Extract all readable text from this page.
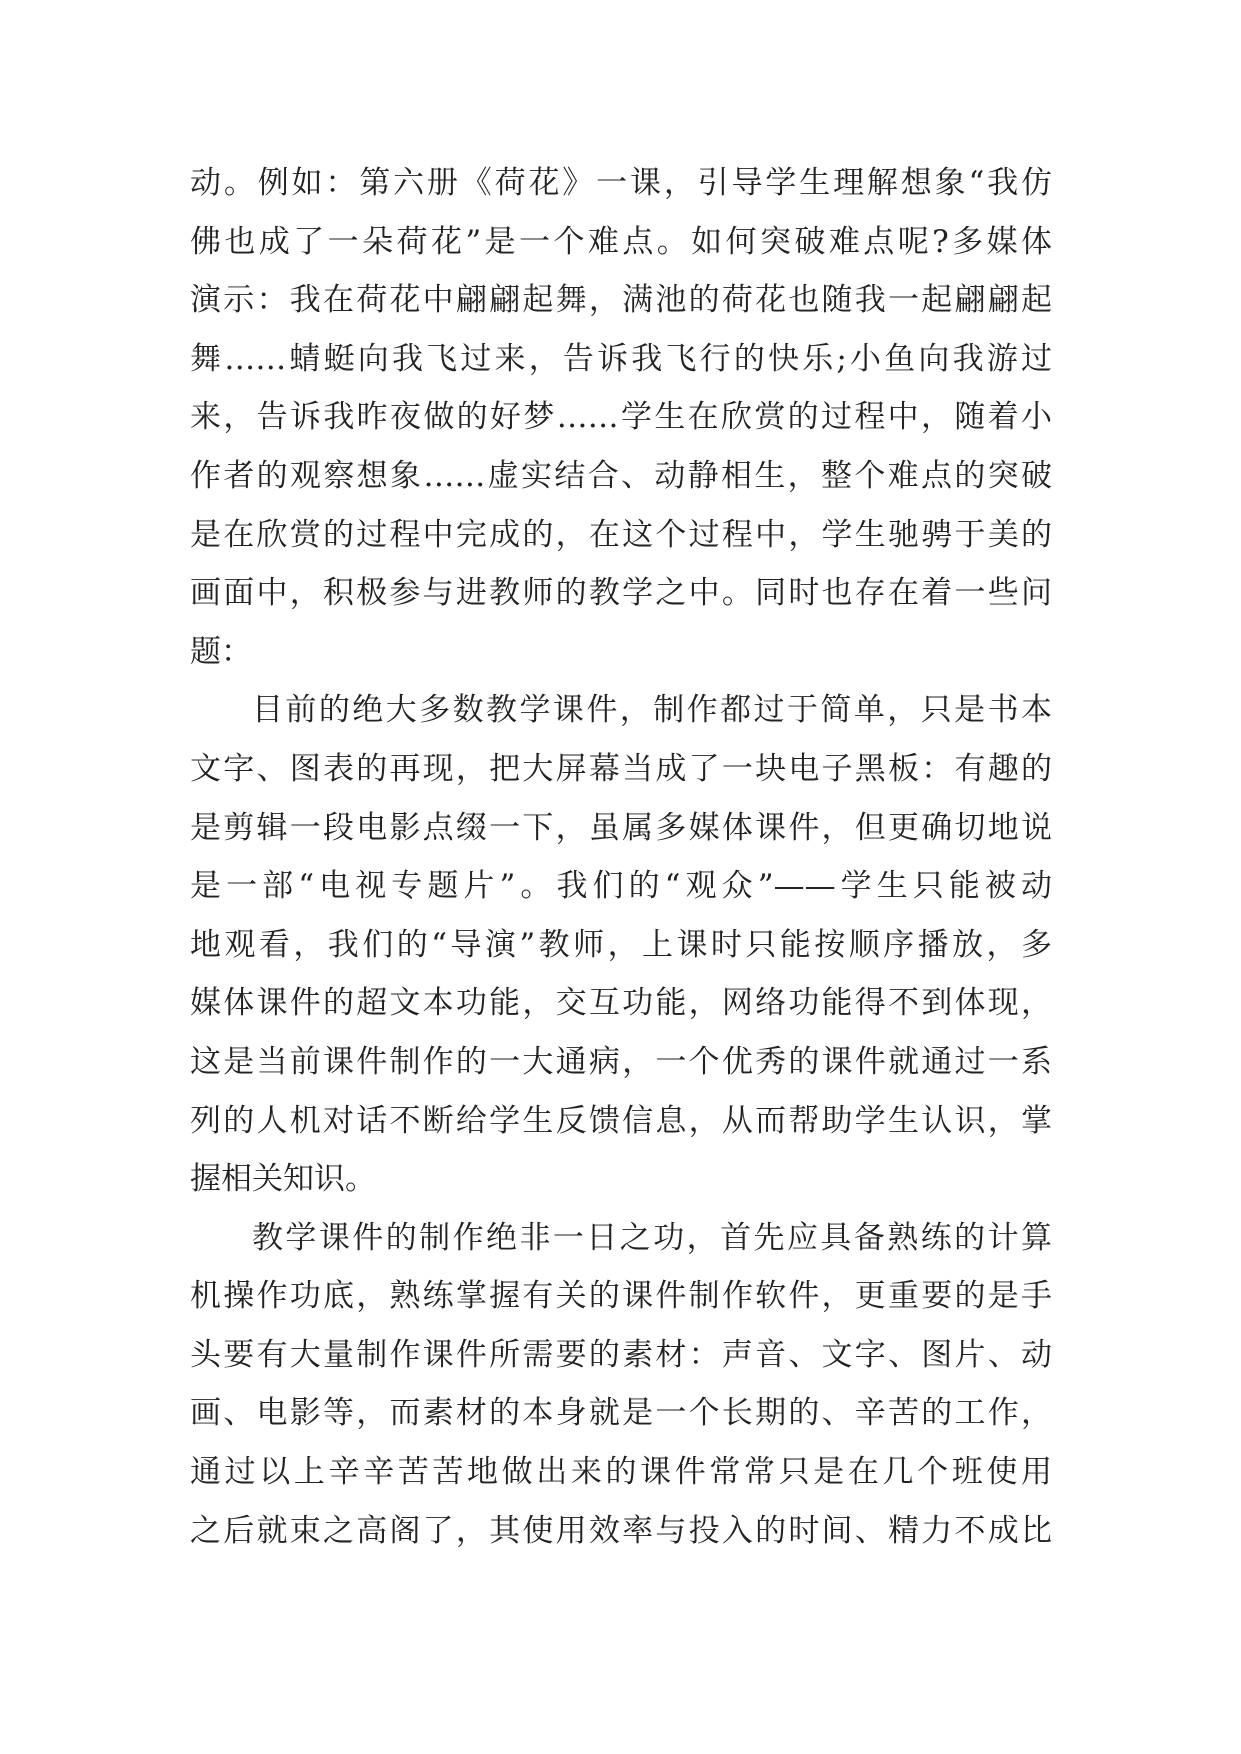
动。例如：第六册《荷花》一课，引导学生理解想象“我仿
佛也成了一朵荷花”是一个难点。如何突破难点呢?多媒体
演示：我在荷花中翩翩起舞，满池的荷花也随我一起翩翩起
舞……蜻蜓向我飞过来，告诉我飞行的快乐;小鱼向我游过
来，告诉我昨夜做的好梦……学生在欣赏的过程中，随着小
作者的观察想象……虚实结合、动静相生，整个难点的突破
是在欣赏的过程中完成的，在这个过程中，学生驰骋于美的
画面中，积极参与进教师的教学之中。同时也存在着一些问
题：
目前的绝大多数教学课件，制作都过于简单，只是书本
文字、图表的再现，把大屏幕当成了一块电子黑板：有趣的
是剪辑一段电影点缀一下，虽属多媒体课件，但更确切地说
是一部“电视专题片”。我们的“观众”——学生只能被动
地观看，我们的“导演”教师，上课时只能按顺序播放，多
媒体课件的超文本功能，交互功能，网络功能得不到体现，
这是当前课件制作的一大通病，一个优秀的课件就通过一系
列的人机对话不断给学生反馈信息，从而帮助学生认识，掌
握相关知识。
教学课件的制作绝非一日之功，首先应具备熟练的计算
机操作功底，熟练掌握有关的课件制作软件，更重要的是手
头要有大量制作课件所需要的素材：声音、文字、图片、动
画、电影等，而素材的本身就是一个长期的、辛苦的工作，
通过以上辛辛苦苦地做出来的课件常常只是在几个班使用
之后就束之高阁了，其使用效率与投入的时间、精力不成比
